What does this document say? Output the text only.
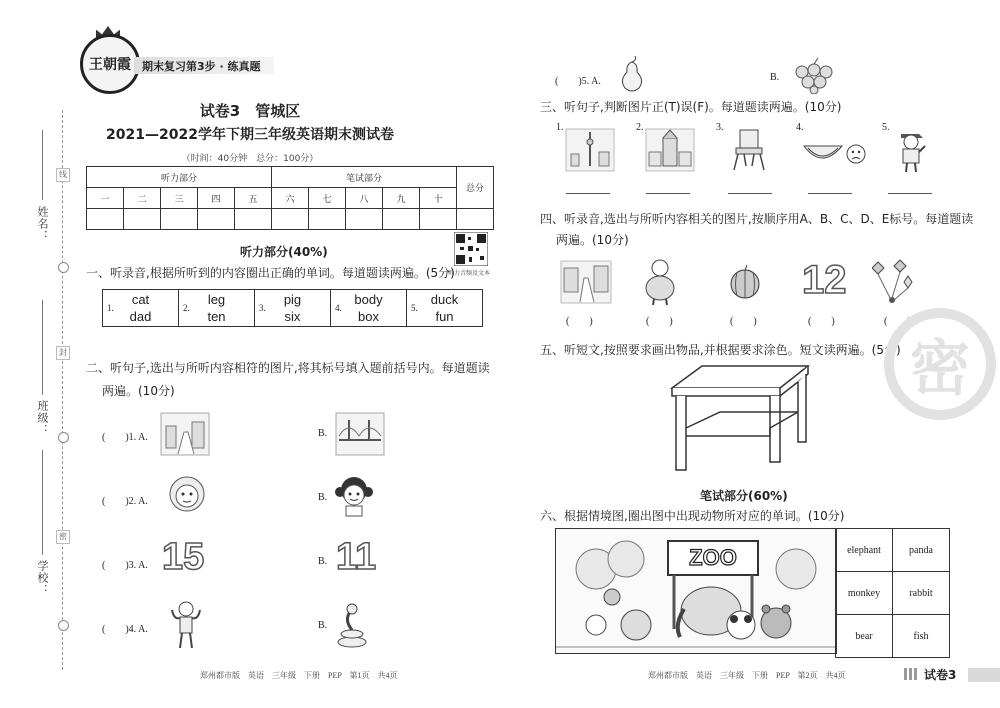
线
封
密
姓名：
班级：
学校：
王朝霞 期末复习第3步 · 练真题
试卷3　管城区
2021—2022学年下期三年级英语期末测试卷
（时间：40分钟　总分：100分）
听力部分					笔试部分					总分
一	二	三	四	五	六	七	八	九	十	

听力部分(40%)
听力音频及文本
一、听录音,根据所听到的内容圈出正确的单词。每道题读两遍。(5分)
cat
1.
dad

leg
2.
ten

pig
3.
six

body
4.
box

duck
5.
fun
二、听句子,选出与所听内容相符的图片,将其标号填入题前括号内。每道题读
两遍。(10分)
(　　)1. A.	B.
(　　)2. A.	B.
(　　)3. A. 15	B. 11
(　　)4. A.	B.
郑州都市版　英语　三年级　下册　PEP　第1页　共4页
(　　)5. A.	B.
三、听句子,判断图片正(T)误(F)。每道题读两遍。(10分)
1.	2.	3.	4.	5.
四、听录音,选出与所听内容相关的图片,按顺序用A、B、C、D、E标号。每道题读
两遍。(10分)
12
(　　)	(　　)	(　　)	(　　)	(　　)
五、听短文,按照要求画出物品,并根据要求涂色。短文读两遍。(5分)
笔试部分(60%)
六、根据情境图,圈出图中出现动物所对应的单词。(10分)
ZOO	elephant	panda
monkey	rabbit
bear	fish
密
郑州都市版　英语　三年级　下册　PEP　第2页　共4页	试卷3
